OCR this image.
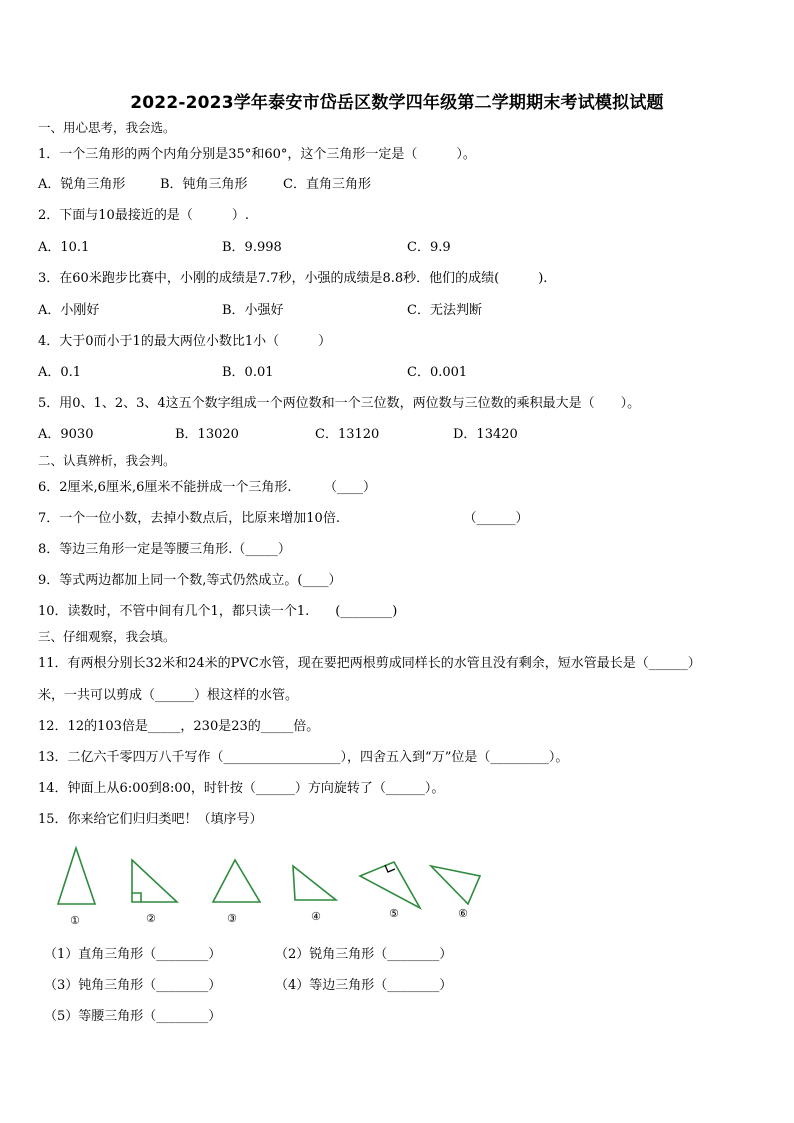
2022-2023学年泰安市岱岳区数学四年级第二学期期末考试模拟试题
一、用心思考，我会选。
1．一个三角形的两个内角分别是35°和60°，这个三角形一定是（　　　）。
A．锐角三角形	B．钝角三角形	C．直角三角形
2．下面与10最接近的是（　　　）.
A．10.1	B．9.998	C．9.9
3．在60米跑步比赛中，小刚的成绩是7.7秒，小强的成绩是8.8秒．他们的成绩(　　　).
A．小刚好	B．小强好	C．无法判断
4．大于0而小于1的最大两位小数比1小（　　　）
A．0.1	B．0.01	C．0.001
5．用0、1、2、3、4这五个数字组成一个两位数和一个三位数，两位数与三位数的乘积最大是（　　）。
A．9030	B．13020	C．13120	D．13420
二、认真辨析，我会判。
6．2厘米,6厘米,6厘米不能拼成一个三角形.　　　（____）
7．一个一位小数，去掉小数点后，比原来增加10倍.　　　　　　　　　　（______）
8．等边三角形一定是等腰三角形.（_____）
9．等式两边都加上同一个数,等式仍然成立。(____）
10．读数时，不管中间有几个1，都只读一个1.　　(________)
三、仔细观察，我会填。
11．有两根分别长32米和24米的PVC水管，现在要把两根剪成同样长的水管且没有剩余，短水管最长是（______）
米，一共可以剪成（______）根这样的水管。
12．12的103倍是_____，230是23的_____倍。
13．二亿六千零四万八千写作（__________________），四舍五入到“万”位是（_________）。
14．钟面上从6:00到8:00，时针按（______）方向旋转了（______）。
15．你来给它们归归类吧！（填序号）
①	②	③	④	⑤	⑥
（1）直角三角形（________）	（2）锐角三角形（________）
（3）钝角三角形（________）	（4）等边三角形（________）
（5）等腰三角形（________）
